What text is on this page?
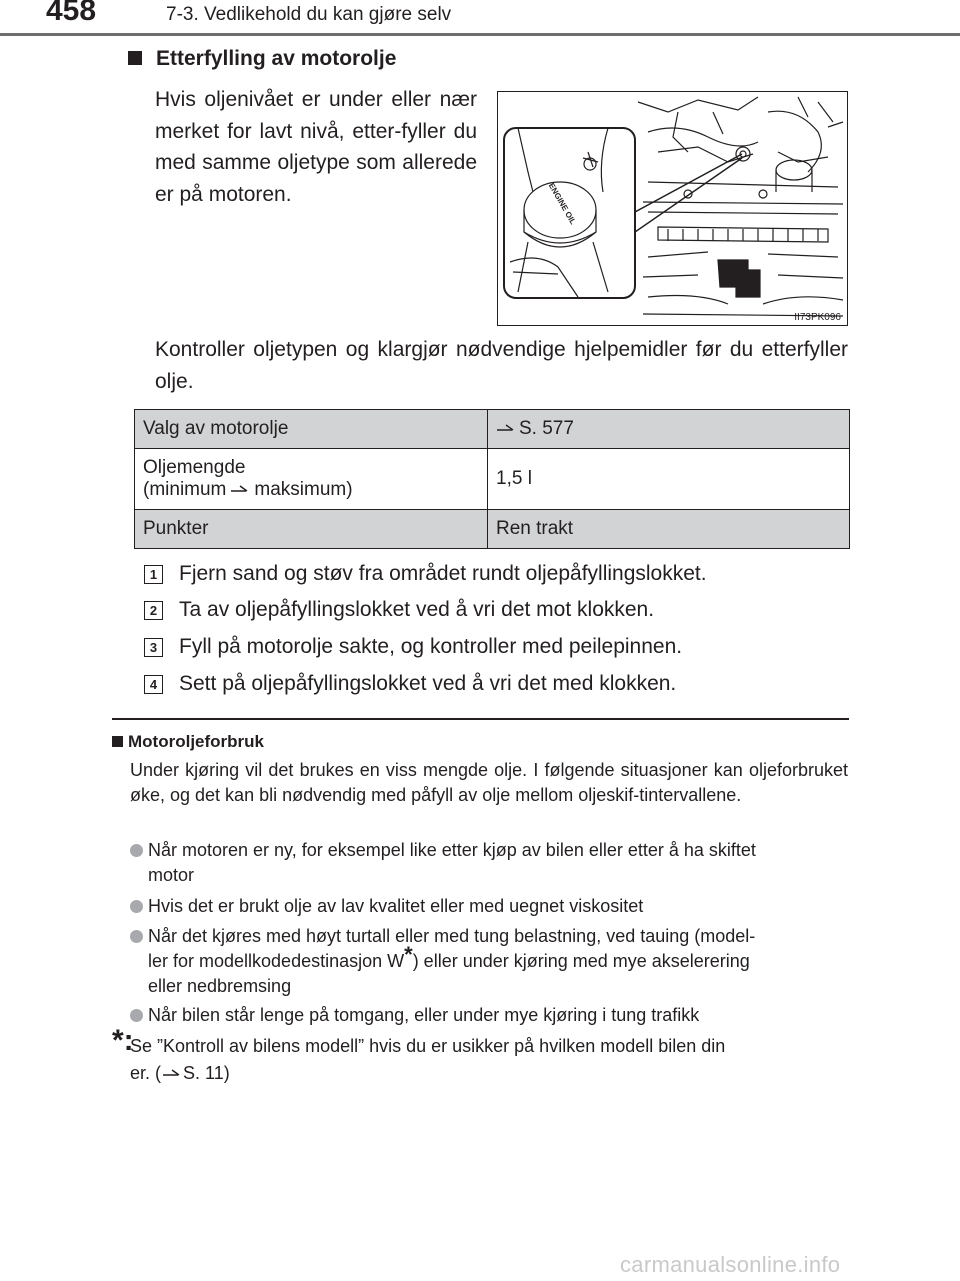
458	7-3. Vedlikehold du kan gjøre selv
Etterfylling av motorolje
Hvis oljenivået er under eller nær merket for lavt nivå, etter-fyller du med samme oljetype som allerede er på motoren.	ENGINE OIL
II73PK096
Kontroller oljetypen og klargjør nødvendige hjelpemidler før du etterfyller olje.
Valg av motorolje	S. 577

Oljemengde
(minimum maksimum)	1,5 l
Punkter	Ren trakt
1 Fjern sand og støv fra området rundt oljepåfyllingslokket.
2 Ta av oljepåfyllingslokket ved å vri det mot klokken.
3 Fyll på motorolje sakte, og kontroller med peilepinnen.
4 Sett på oljepåfyllingslokket ved å vri det med klokken.
Motoroljeforbruk
Under kjøring vil det brukes en viss mengde olje. I følgende situasjoner kan oljeforbruket øke, og det kan bli nødvendig med påfyll av olje mellom oljeskif-tintervallene.
Når motoren er ny, for eksempel like etter kjøp av bilen eller etter å ha skiftet
motor
Hvis det er brukt olje av lav kvalitet eller med uegnet viskositet
Når det kjøres med høyt turtall eller med tung belastning, ved tauing (model-
ler for modellkodedestinasjon W*) eller under kjøring med mye akselerering
eller nedbremsing
Når bilen står lenge på tomgang, eller under mye kjøring i tung trafikk
*:
Se ”Kontroll av bilens modell” hvis du er usikker på hvilken modell bilen din
er. ( S. 11)
carmanualsonline.info
